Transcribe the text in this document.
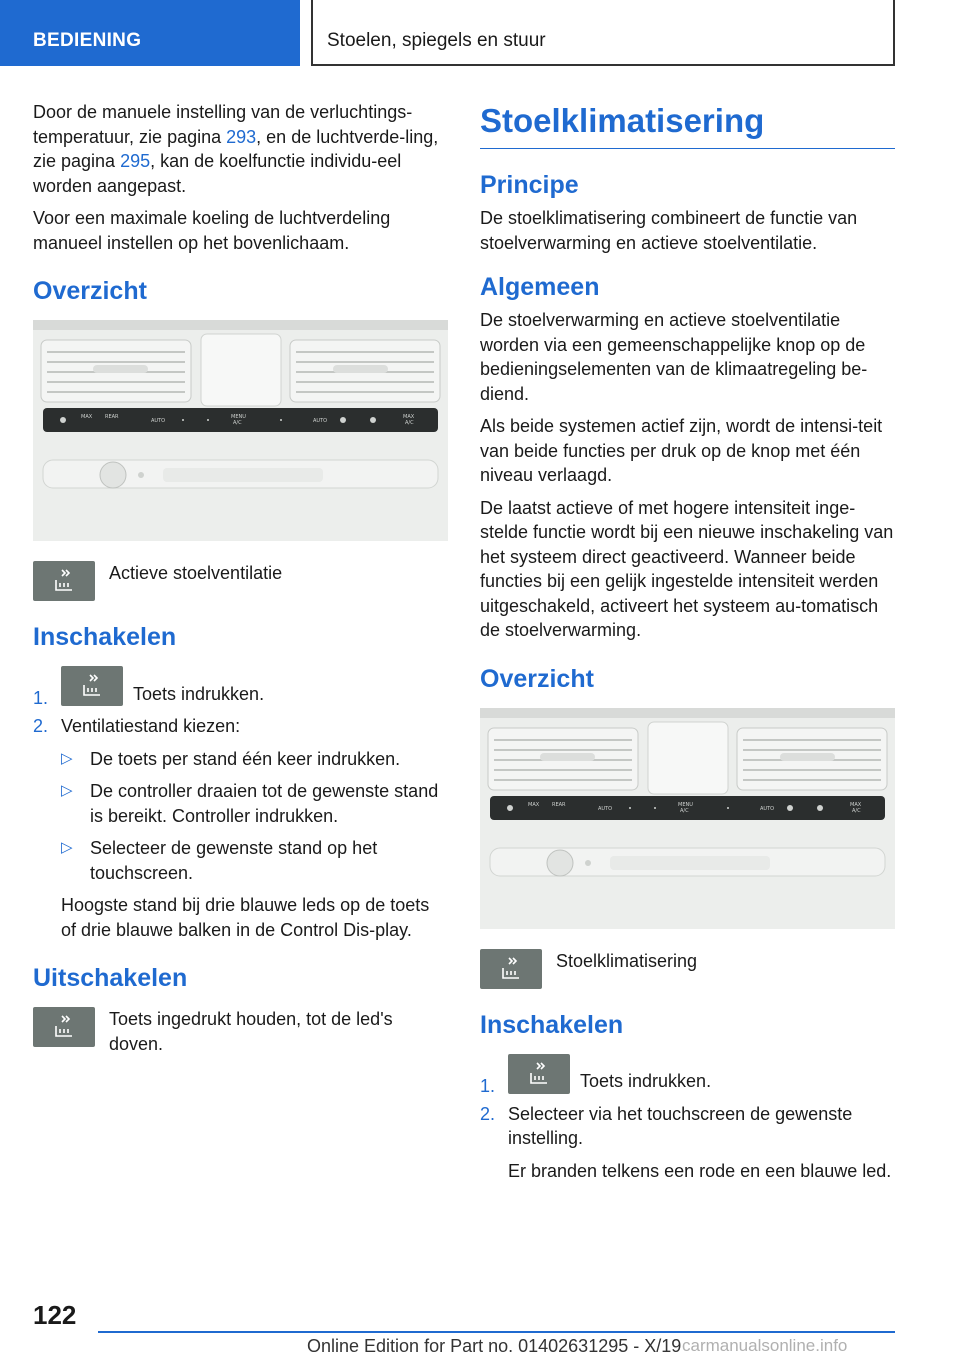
BEDIENING	Stoelen, spiegels en stuur

Door de manuele instelling van de verluchtings-temperatuur, zie pagina 293, en de luchtverde-ling, zie pagina 295, kan de koelfunctie individu-eel worden aangepast.

Voor een maximale koeling de luchtverdeling manueel instellen op het bovenlichaam.

Overzicht
MAX	REAR
AUTO
MENU
A/C	AUTO
MAX
A/C
Actieve stoelventilatie
Inschakelen
1.	Toets indrukken.
2. Ventilatiestand kiezen:
▷ De toets per stand één keer indrukken.
▷ De controller draaien tot de gewenste stand is bereikt. Controller indrukken.
▷ Selecteer de gewenste stand op het touchscreen.
Hoogste stand bij drie blauwe leds op de toets of drie blauwe balken in de Control Dis-play.
Uitschakelen
Toets ingedrukt houden, tot de led's doven.
Stoelklimatisering
Principe

De stoelklimatisering combineert de functie van stoelverwarming en actieve stoelventilatie.

Algemeen

De stoelverwarming en actieve stoelventilatie worden via een gemeenschappelijke knop op de bedieningselementen van de klimaatregeling be-diend.

Als beide systemen actief zijn, wordt de intensi-teit van beide functies per druk op de knop met één niveau verlaagd.

De laatst actieve of met hogere intensiteit inge-stelde functie wordt bij een nieuwe inschakeling van het systeem direct geactiveerd. Wanneer beide functies bij een gelijk ingestelde intensiteit werden uitgeschakeld, activeert het systeem au-tomatisch de stoelverwarming.

Overzicht
MAX	REAR
AUTO
MENU
A/C	AUTO
MAX
A/C
Stoelklimatisering
Inschakelen
1.	Toets indrukken.
2. Selecteer via het touchscreen de gewenste instelling.
Er branden telkens een rode en een blauwe led.
122
Online Edition for Part no. 01402631295 - X/19 carmanualsonline.info
